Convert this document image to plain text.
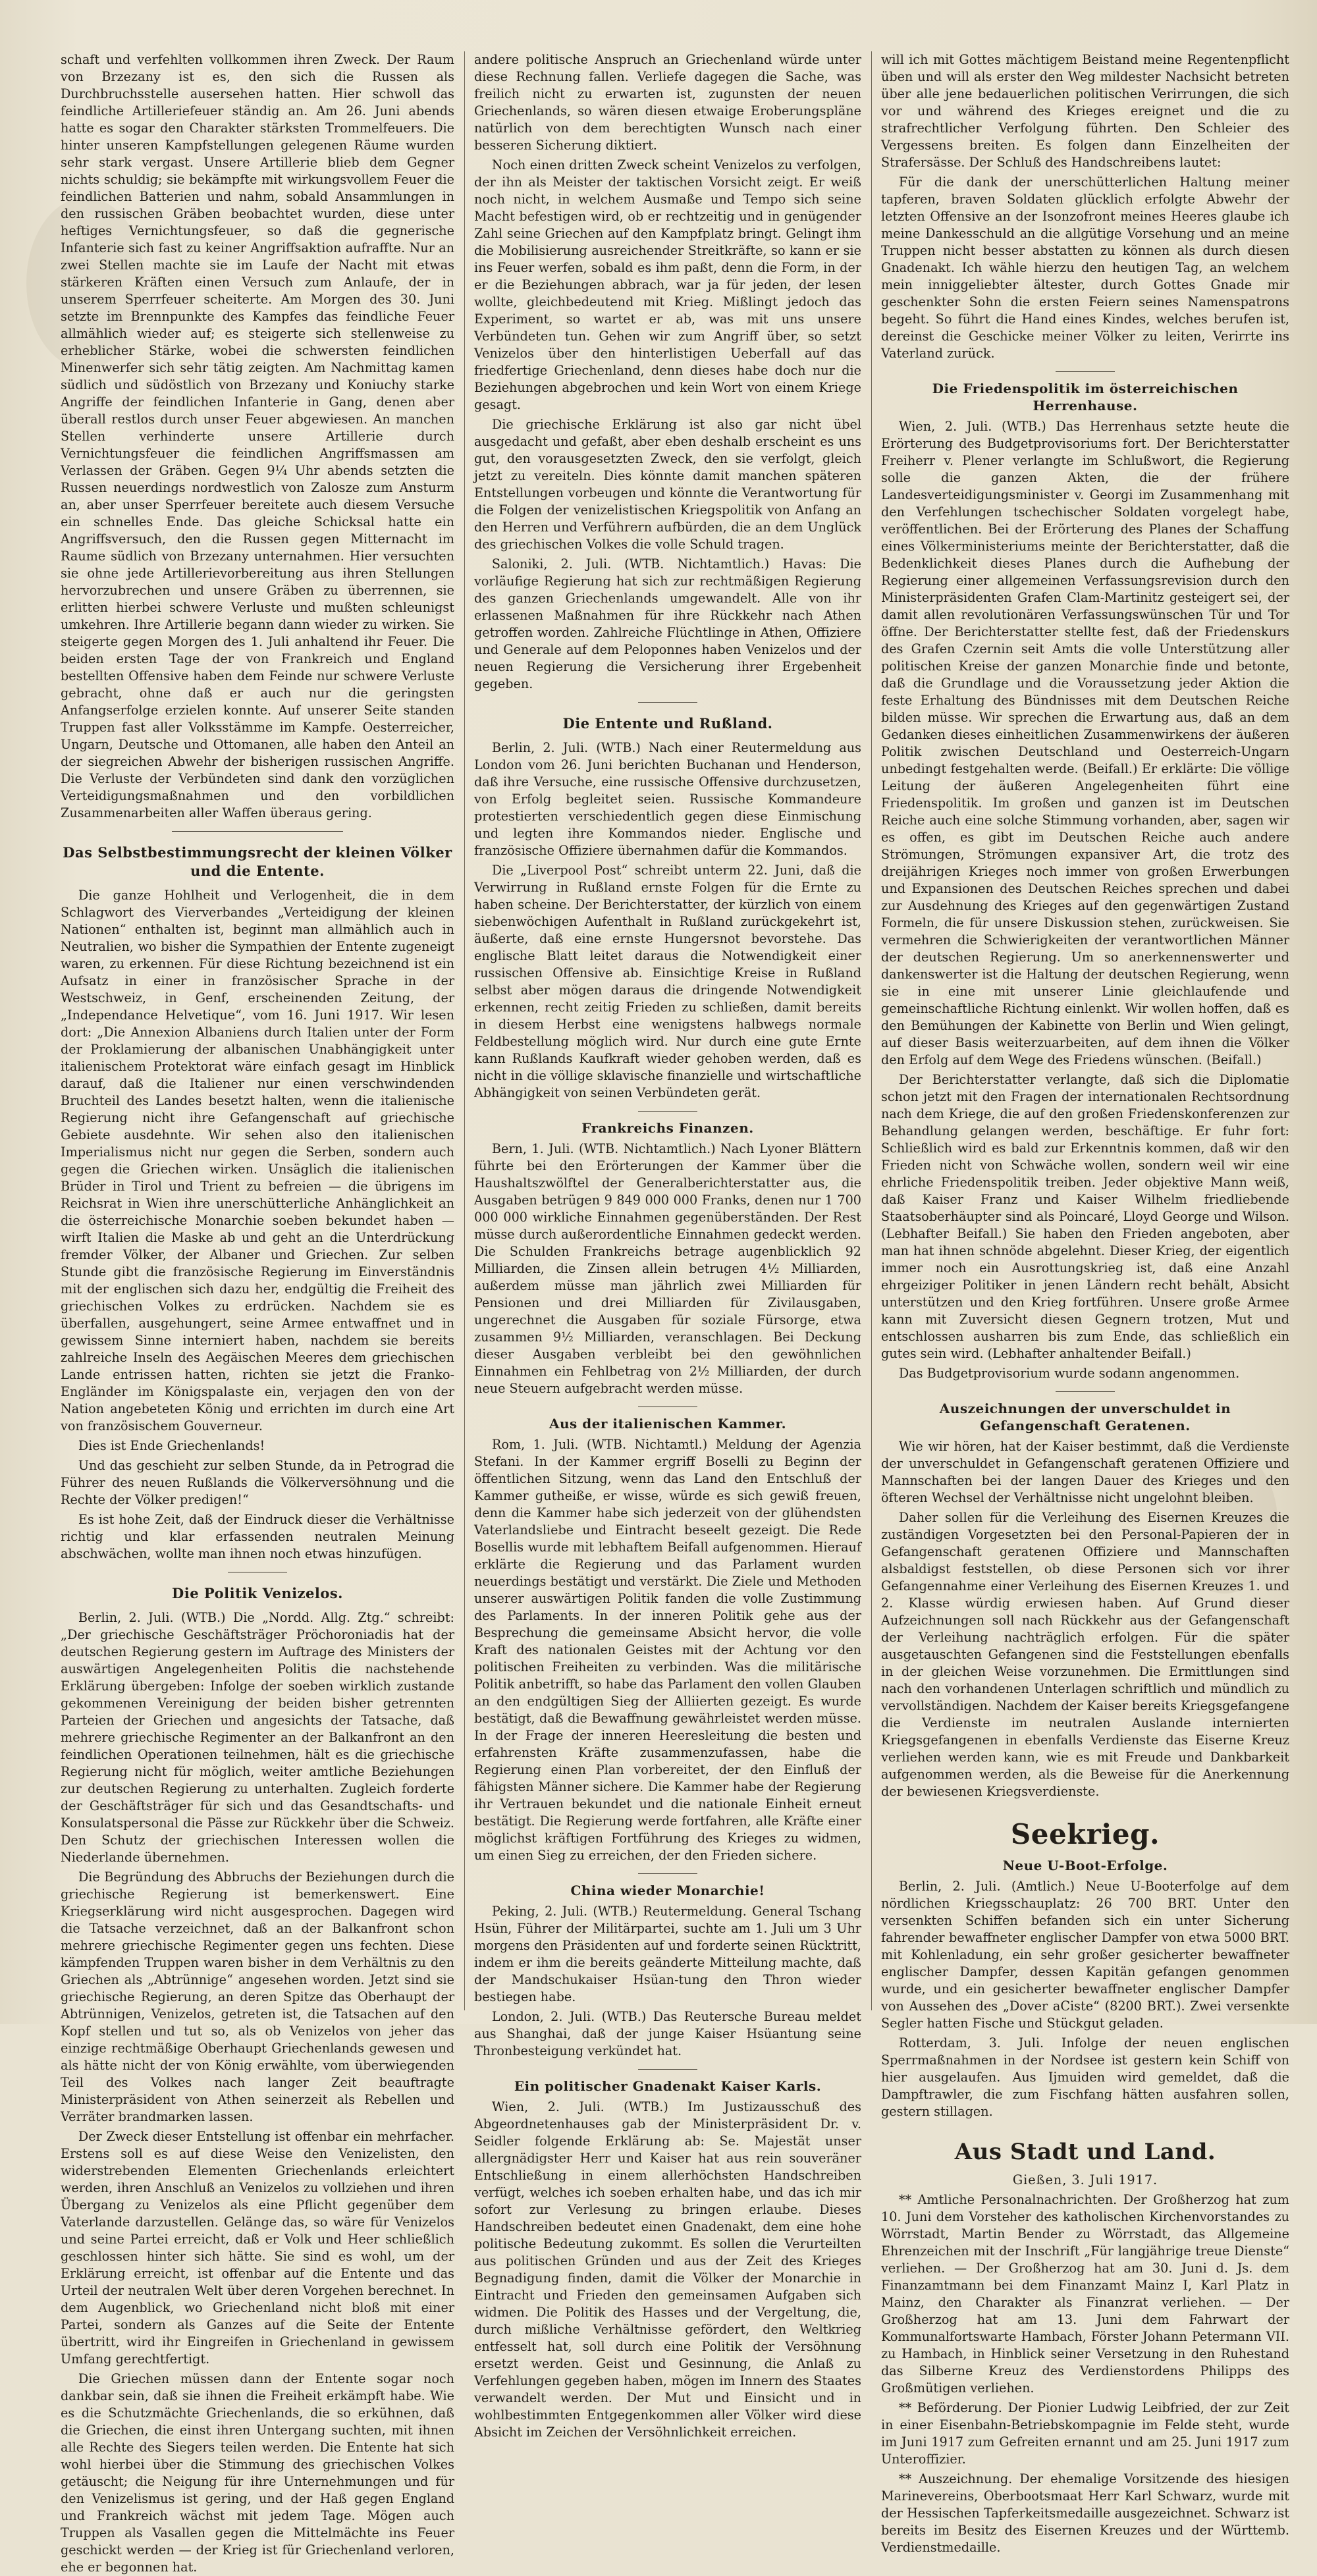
schaft und verfehlten vollkommen ihren Zweck. Der Raum von Brzezany ist es, den sich die Russen als Durchbruchsstelle ausersehen hatten. Hier schwoll das feindliche Artilleriefeuer ständig an. Am 26. Juni abends hatte es sogar den Charakter stärksten Trommelfeuers. Die hinter unseren Kampfstellungen gelegenen Räume wurden sehr stark vergast. Unsere Artillerie blieb dem Gegner nichts schuldig; sie bekämpfte mit wirkungsvollem Feuer die feindlichen Batterien und nahm, sobald Ansammlungen in den russischen Gräben beobachtet wurden, diese unter heftiges Vernichtungsfeuer, so daß die gegnerische Infanterie sich fast zu keiner Angriffsaktion aufraffte. Nur an zwei Stellen machte sie im Laufe der Nacht mit etwas stärkeren Kräften einen Versuch zum Anlaufe, der in unserem Sperrfeuer scheiterte. Am Morgen des 30. Juni setzte im Brennpunkte des Kampfes das feindliche Feuer allmählich wieder auf; es steigerte sich stellenweise zu erheblicher Stärke, wobei die schwersten feindlichen Minenwerfer sich sehr tätig zeigten. Am Nachmittag kamen südlich und südöstlich von Brzezany und Koniuchy starke Angriffe der feindlichen Infanterie in Gang, denen aber überall restlos durch unser Feuer abgewiesen. An manchen Stellen verhinderte unsere Artillerie durch Vernichtungsfeuer die feindlichen Angriffsmassen am Verlassen der Gräben. Gegen 9¼ Uhr abends setzten die Russen neuerdings nordwestlich von Zalosze zum Ansturm an, aber unser Sperrfeuer bereitete auch diesem Versuche ein schnelles Ende. Das gleiche Schicksal hatte ein Angriffsversuch, den die Russen gegen Mitternacht im Raume südlich von Brzezany unternahmen. Hier versuchten sie ohne jede Artillerievorbereitung aus ihren Stellungen hervorzubrechen und unsere Gräben zu überrennen, sie erlitten hierbei schwere Verluste und mußten schleunigst umkehren. Ihre Artillerie begann dann wieder zu wirken. Sie steigerte gegen Morgen des 1. Juli anhaltend ihr Feuer. Die beiden ersten Tage der von Frankreich und England bestellten Offensive haben dem Feinde nur schwere Verluste gebracht, ohne daß er auch nur die geringsten Anfangserfolge erzielen konnte. Auf unserer Seite standen Truppen fast aller Volksstämme im Kampfe. Oesterreicher, Ungarn, Deutsche und Ottomanen, alle haben den Anteil an der siegreichen Abwehr der bisherigen russischen Angriffe. Die Verluste der Verbündeten sind dank den vorzüglichen Verteidigungsmaßnahmen und den vorbildlichen Zusammenarbeiten aller Waffen überaus gering.

Das Selbstbestimmungsrecht der kleinen Völker und die Entente.

Die ganze Hohlheit und Verlogenheit, die in dem Schlagwort des Vierverbandes „Verteidigung der kleinen Nationen“ enthalten ist, beginnt man allmählich auch in Neutralien, wo bisher die Sympathien der Entente zugeneigt waren, zu erkennen. Für diese Richtung bezeichnend ist ein Aufsatz in einer in französischer Sprache in der Westschweiz, in Genf, erscheinenden Zeitung, der „Independance Helvetique“, vom 16. Juni 1917. Wir lesen dort: „Die Annexion Albaniens durch Italien unter der Form der Proklamierung der albanischen Unabhängigkeit unter italienischem Protektorat wäre einfach gesagt im Hinblick darauf, daß die Italiener nur einen verschwindenden Bruchteil des Landes besetzt halten, wenn die italienische Regierung nicht ihre Gefangenschaft auf griechische Gebiete ausdehnte. Wir sehen also den italienischen Imperialismus nicht nur gegen die Serben, sondern auch gegen die Griechen wirken. Unsäglich die italienischen Brüder in Tirol und Trient zu befreien — die übrigens im Reichsrat in Wien ihre unerschütterliche Anhänglichkeit an die österreichische Monarchie soeben bekundet haben — wirft Italien die Maske ab und geht an die Unterdrückung fremder Völker, der Albaner und Griechen. Zur selben Stunde gibt die französische Regierung im Einverständnis mit der englischen sich dazu her, endgültig die Freiheit des griechischen Volkes zu erdrücken. Nachdem sie es überfallen, ausgehungert, seine Armee entwaffnet und in gewissem Sinne interniert haben, nachdem sie bereits zahlreiche Inseln des Aegäischen Meeres dem griechischen Lande entrissen hatten, richten sie jetzt die Franko-Engländer im Königspalaste ein, verjagen den von der Nation angebeteten König und errichten im durch eine Art von französischem Gouverneur.

Dies ist Ende Griechenlands!

Und das geschieht zur selben Stunde, da in Petrograd die Führer des neuen Rußlands die Völkerversöhnung und die Rechte der Völker predigen!“

Es ist hohe Zeit, daß der Eindruck dieser die Verhältnisse richtig und klar erfassenden neutralen Meinung abschwächen, wollte man ihnen noch etwas hinzufügen.

Die Politik Venizelos.

Berlin, 2. Juli. (WTB.) Die „Nordd. Allg. Ztg.“ schreibt: „Der griechische Geschäftsträger Pröchoroniadis hat der deutschen Regierung gestern im Auftrage des Ministers der auswärtigen Angelegenheiten Politis die nachstehende Erklärung übergeben: Infolge der soeben wirklich zustande gekommenen Vereinigung der beiden bisher getrennten Parteien der Griechen und angesichts der Tatsache, daß mehrere griechische Regimenter an der Balkanfront an den feindlichen Operationen teilnehmen, hält es die griechische Regierung nicht für möglich, weiter amtliche Beziehungen zur deutschen Regierung zu unterhalten. Zugleich forderte der Geschäftsträger für sich und das Gesandtschafts- und Konsulatspersonal die Pässe zur Rückkehr über die Schweiz. Den Schutz der griechischen Interessen wollen die Niederlande übernehmen.

Die Begründung des Abbruchs der Beziehungen durch die griechische Regierung ist bemerkenswert. Eine Kriegserklärung wird nicht ausgesprochen. Dagegen wird die Tatsache verzeichnet, daß an der Balkanfront schon mehrere griechische Regimenter gegen uns fechten. Diese kämpfenden Truppen waren bisher in dem Verhältnis zu den Griechen als „Abtrünnige“ angesehen worden. Jetzt sind sie griechische Regierung, an deren Spitze das Oberhaupt der Abtrünnigen, Venizelos, getreten ist, die Tatsachen auf den Kopf stellen und tut so, als ob Venizelos von jeher das einzige rechtmäßige Oberhaupt Griechenlands gewesen und als hätte nicht der von König erwählte, vom überwiegenden Teil des Volkes nach langer Zeit beauftragte Ministerpräsident von Athen seinerzeit als Rebellen und Verräter brandmarken lassen.

Der Zweck dieser Entstellung ist offenbar ein mehrfacher. Erstens soll es auf diese Weise den Venizelisten, den widerstrebenden Elementen Griechenlands erleichtert werden, ihren Anschluß an Venizelos zu vollziehen und ihren Übergang zu Venizelos als eine Pflicht gegenüber dem Vaterlande darzustellen. Gelänge das, so wäre für Venizelos und seine Partei erreicht, daß er Volk und Heer schließlich geschlossen hinter sich hätte. Sie sind es wohl, um der Erklärung erreicht, ist offenbar auf die Entente und das Urteil der neutralen Welt über deren Vorgehen berechnet. In dem Augenblick, wo Griechenland nicht bloß mit einer Partei, sondern als Ganzes auf die Seite der Entente übertritt, wird ihr Eingreifen in Griechenland in gewissem Umfang gerechtfertigt.

Die Griechen müssen dann der Entente sogar noch dankbar sein, daß sie ihnen die Freiheit erkämpft habe. Wie es die Schutzmächte Griechenlands, die so erkühnen, daß die Griechen, die einst ihren Untergang suchten, mit ihnen alle Rechte des Siegers teilen werden. Die Entente hat sich wohl hierbei über die Stimmung des griechischen Volkes getäuscht; die Neigung für ihre Unternehmungen und für den Venizelismus ist gering, und der Haß gegen England und Frankreich wächst mit jedem Tage. Mögen auch Truppen als Vasallen gegen die Mittelmächte ins Feuer geschickt werden — der Krieg ist für Griechenland verloren, ehe er begonnen hat.

andere politische Anspruch an Griechenland würde unter diese Rechnung fallen. Verliefe dagegen die Sache, was freilich nicht zu erwarten ist, zugunsten der neuen Griechenlands, so wären diesen etwaige Eroberungspläne natürlich von dem berechtigten Wunsch nach einer besseren Sicherung diktiert.

Noch einen dritten Zweck scheint Venizelos zu verfolgen, der ihn als Meister der taktischen Vorsicht zeigt. Er weiß noch nicht, in welchem Ausmaße und Tempo sich seine Macht befestigen wird, ob er rechtzeitig und in genügender Zahl seine Griechen auf den Kampfplatz bringt. Gelingt ihm die Mobilisierung ausreichender Streitkräfte, so kann er sie ins Feuer werfen, sobald es ihm paßt, denn die Form, in der er die Beziehungen abbrach, war ja für jeden, der lesen wollte, gleichbedeutend mit Krieg. Mißlingt jedoch das Experiment, so wartet er ab, was mit uns unsere Verbündeten tun. Gehen wir zum Angriff über, so setzt Venizelos über den hinterlistigen Ueberfall auf das friedfertige Griechenland, denn dieses habe doch nur die Beziehungen abgebrochen und kein Wort von einem Kriege gesagt.

Die griechische Erklärung ist also gar nicht übel ausgedacht und gefaßt, aber eben deshalb erscheint es uns gut, den vorausgesetzten Zweck, den sie verfolgt, gleich jetzt zu vereiteln. Dies könnte damit manchen späteren Entstellungen vorbeugen und könnte die Verantwortung für die Folgen der venizelistischen Kriegspolitik von Anfang an den Herren und Verführern aufbürden, die an dem Unglück des griechischen Volkes die volle Schuld tragen.

Saloniki, 2. Juli. (WTB. Nichtamtlich.) Havas: Die vorläufige Regierung hat sich zur rechtmäßigen Regierung des ganzen Griechenlands umgewandelt. Alle von ihr erlassenen Maßnahmen für ihre Rückkehr nach Athen getroffen worden. Zahlreiche Flüchtlinge in Athen, Offiziere und Generale auf dem Peloponnes haben Venizelos und der neuen Regierung die Versicherung ihrer Ergebenheit gegeben.

Die Entente und Rußland.

Berlin, 2. Juli. (WTB.) Nach einer Reutermeldung aus London vom 26. Juni berichten Buchanan und Henderson, daß ihre Versuche, eine russische Offensive durchzusetzen, von Erfolg begleitet seien. Russische Kommandeure protestierten verschiedentlich gegen diese Einmischung und legten ihre Kommandos nieder. Englische und französische Offiziere übernahmen dafür die Kommandos.

Die „Liverpool Post“ schreibt unterm 22. Juni, daß die Verwirrung in Rußland ernste Folgen für die Ernte zu haben scheine. Der Berichterstatter, der kürzlich von einem siebenwöchigen Aufenthalt in Rußland zurückgekehrt ist, äußerte, daß eine ernste Hungersnot bevorstehe. Das englische Blatt leitet daraus die Notwendigkeit einer russischen Offensive ab. Einsichtige Kreise in Rußland selbst aber mögen daraus die dringende Notwendigkeit erkennen, recht zeitig Frieden zu schließen, damit bereits in diesem Herbst eine wenigstens halbwegs normale Feldbestellung möglich wird. Nur durch eine gute Ernte kann Rußlands Kaufkraft wieder gehoben werden, daß es nicht in die völlige sklavische finanzielle und wirtschaftliche Abhängigkeit von seinen Verbündeten gerät.

Frankreichs Finanzen.

Bern, 1. Juli. (WTB. Nichtamtlich.) Nach Lyoner Blättern führte bei den Erörterungen der Kammer über die Haushaltszwölftel der Generalberichterstatter aus, die Ausgaben betrügen 9 849 000 000 Franks, denen nur 1 700 000 000 wirkliche Einnahmen gegenüberständen. Der Rest müsse durch außerordentliche Einnahmen gedeckt werden. Die Schulden Frankreichs betrage augenblicklich 92 Milliarden, die Zinsen allein betrugen 4½ Milliarden, außerdem müsse man jährlich zwei Milliarden für Pensionen und drei Milliarden für Zivilausgaben, ungerechnet die Ausgaben für soziale Fürsorge, etwa zusammen 9½ Milliarden, veranschlagen. Bei Deckung dieser Ausgaben verbleibt bei den gewöhnlichen Einnahmen ein Fehlbetrag von 2½ Milliarden, der durch neue Steuern aufgebracht werden müsse.

Aus der italienischen Kammer.

Rom, 1. Juli. (WTB. Nichtamtl.) Meldung der Agenzia Stefani. In der Kammer ergriff Boselli zu Beginn der öffentlichen Sitzung, wenn das Land den Entschluß der Kammer gutheiße, er wisse, würde es sich gewiß freuen, denn die Kammer habe sich jederzeit von der glühendsten Vaterlandsliebe und Eintracht beseelt gezeigt. Die Rede Bosellis wurde mit lebhaftem Beifall aufgenommen. Hierauf erklärte die Regierung und das Parlament wurden neuerdings bestätigt und verstärkt. Die Ziele und Methoden unserer auswärtigen Politik fanden die volle Zustimmung des Parlaments. In der inneren Politik gehe aus der Besprechung die gemeinsame Absicht hervor, die volle Kraft des nationalen Geistes mit der Achtung vor den politischen Freiheiten zu verbinden. Was die militärische Politik anbetrifft, so habe das Parlament den vollen Glauben an den endgültigen Sieg der Alliierten gezeigt. Es wurde bestätigt, daß die Bewaffnung gewährleistet werden müsse. In der Frage der inneren Heeresleitung die besten und erfahrensten Kräfte zusammenzufassen, habe die Regierung einen Plan vorbereitet, der den Einfluß der fähigsten Männer sichere. Die Kammer habe der Regierung ihr Vertrauen bekundet und die nationale Einheit erneut bestätigt. Die Regierung werde fortfahren, alle Kräfte einer möglichst kräftigen Fortführung des Krieges zu widmen, um einen Sieg zu erreichen, der den Frieden sichere.

China wieder Monarchie!

Peking, 2. Juli. (WTB.) Reutermeldung. General Tschang Hsün, Führer der Militärpartei, suchte am 1. Juli um 3 Uhr morgens den Präsidenten auf und forderte seinen Rücktritt, indem er ihm die bereits geänderte Mitteilung machte, daß der Mandschukaiser Hsüan-tung den Thron wieder bestiegen habe.

London, 2. Juli. (WTB.) Das Reutersche Bureau meldet aus Shanghai, daß der junge Kaiser Hsüantung seine Thronbesteigung verkündet hat.

Ein politischer Gnadenakt Kaiser Karls.

Wien, 2. Juli. (WTB.) Im Justizausschuß des Abgeordnetenhauses gab der Ministerpräsident Dr. v. Seidler folgende Erklärung ab: Se. Majestät unser allergnädigster Herr und Kaiser hat aus rein souveräner Entschließung in einem allerhöchsten Handschreiben verfügt, welches ich soeben erhalten habe, und das ich mir sofort zur Verlesung zu bringen erlaube. Dieses Handschreiben bedeutet einen Gnadenakt, dem eine hohe politische Bedeutung zukommt. Es sollen die Verurteilten aus politischen Gründen und aus der Zeit des Krieges Begnadigung finden, damit die Völker der Monarchie in Eintracht und Frieden den gemeinsamen Aufgaben sich widmen. Die Politik des Hasses und der Vergeltung, die, durch mißliche Verhältnisse gefördert, den Weltkrieg entfesselt hat, soll durch eine Politik der Versöhnung ersetzt werden. Geist und Gesinnung, die Anlaß zu Verfehlungen gegeben haben, mögen im Innern des Staates verwandelt werden. Der Mut und Einsicht und in wohlbestimmten Entgegenkommen aller Völker wird diese Absicht im Zeichen der Versöhnlichkeit erreichen.

will ich mit Gottes mächtigem Beistand meine Regentenpflicht üben und will als erster den Weg mildester Nachsicht betreten über alle jene bedauerlichen politischen Verirrungen, die sich vor und während des Krieges ereignet und die zu strafrechtlicher Verfolgung führten. Den Schleier des Vergessens breiten. Es folgen dann Einzelheiten der Strafersässe. Der Schluß des Handschreibens lautet:

Für die dank der unerschütterlichen Haltung meiner tapferen, braven Soldaten glücklich erfolgte Abwehr der letzten Offensive an der Isonzofront meines Heeres glaube ich meine Dankesschuld an die allgütige Vorsehung und an meine Truppen nicht besser abstatten zu können als durch diesen Gnadenakt. Ich wähle hierzu den heutigen Tag, an welchem mein inniggeliebter ältester, durch Gottes Gnade mir geschenkter Sohn die ersten Feiern seines Namenspatrons begeht. So führt die Hand eines Kindes, welches berufen ist, dereinst die Geschicke meiner Völker zu leiten, Verirrte ins Vaterland zurück.

Die Friedenspolitik im österreichischen Herrenhause.

Wien, 2. Juli. (WTB.) Das Herrenhaus setzte heute die Erörterung des Budgetprovisoriums fort. Der Berichterstatter Freiherr v. Plener verlangte im Schlußwort, die Regierung solle die ganzen Akten, die der frühere Landesverteidigungsminister v. Georgi im Zusammenhang mit den Verfehlungen tschechischer Soldaten vorgelegt habe, veröffentlichen. Bei der Erörterung des Planes der Schaffung eines Völkerministeriums meinte der Berichterstatter, daß die Bedenklichkeit dieses Planes durch die Aufhebung der Regierung einer allgemeinen Verfassungsrevision durch den Ministerpräsidenten Grafen Clam-Martinitz gesteigert sei, der damit allen revolutionären Verfassungswünschen Tür und Tor öffne. Der Berichterstatter stellte fest, daß der Friedenskurs des Grafen Czernin seit Amts die volle Unterstützung aller politischen Kreise der ganzen Monarchie finde und betonte, daß die Grundlage und die Voraussetzung jeder Aktion die feste Erhaltung des Bündnisses mit dem Deutschen Reiche bilden müsse. Wir sprechen die Erwartung aus, daß an dem Gedanken dieses einheitlichen Zusammenwirkens der äußeren Politik zwischen Deutschland und Oesterreich-Ungarn unbedingt festgehalten werde. (Beifall.) Er erklärte: Die völlige Leitung der äußeren Angelegenheiten führt eine Friedenspolitik. Im großen und ganzen ist im Deutschen Reiche auch eine solche Stimmung vorhanden, aber, sagen wir es offen, es gibt im Deutschen Reiche auch andere Strömungen, Strömungen expansiver Art, die trotz des dreijährigen Krieges noch immer von großen Erwerbungen und Expansionen des Deutschen Reiches sprechen und dabei zur Ausdehnung des Krieges auf den gegenwärtigen Zustand Formeln, die für unsere Diskussion stehen, zurückweisen. Sie vermehren die Schwierigkeiten der verantwortlichen Männer der deutschen Regierung. Um so anerkennenswerter und dankenswerter ist die Haltung der deutschen Regierung, wenn sie in eine mit unserer Linie gleichlaufende und gemeinschaftliche Richtung einlenkt. Wir wollen hoffen, daß es den Bemühungen der Kabinette von Berlin und Wien gelingt, auf dieser Basis weiterzuarbeiten, auf dem ihnen die Völker den Erfolg auf dem Wege des Friedens wünschen. (Beifall.)

Der Berichterstatter verlangte, daß sich die Diplomatie schon jetzt mit den Fragen der internationalen Rechtsordnung nach dem Kriege, die auf den großen Friedenskonferenzen zur Behandlung gelangen werden, beschäftige. Er fuhr fort: Schließlich wird es bald zur Erkenntnis kommen, daß wir den Frieden nicht von Schwäche wollen, sondern weil wir eine ehrliche Friedenspolitik treiben. Jeder objektive Mann weiß, daß Kaiser Franz und Kaiser Wilhelm friedliebende Staatsoberhäupter sind als Poincaré, Lloyd George und Wilson. (Lebhafter Beifall.) Sie haben den Frieden angeboten, aber man hat ihnen schnöde abgelehnt. Dieser Krieg, der eigentlich immer noch ein Ausrottungskrieg ist, daß eine Anzahl ehrgeiziger Politiker in jenen Ländern recht behält, Absicht unterstützen und den Krieg fortführen. Unsere große Armee kann mit Zuversicht diesen Gegnern trotzen, Mut und entschlossen ausharren bis zum Ende, das schließlich ein gutes sein wird. (Lebhafter anhaltender Beifall.)

Das Budgetprovisorium wurde sodann angenommen.

Auszeichnungen der unverschuldet in Gefangenschaft Geratenen.

Wie wir hören, hat der Kaiser bestimmt, daß die Verdienste der unverschuldet in Gefangenschaft geratenen Offiziere und Mannschaften bei der langen Dauer des Krieges und den öfteren Wechsel der Verhältnisse nicht ungelohnt bleiben.

Daher sollen für die Verleihung des Eisernen Kreuzes die zuständigen Vorgesetzten bei den Personal-Papieren der in Gefangenschaft geratenen Offiziere und Mannschaften alsbaldigst feststellen, ob diese Personen sich vor ihrer Gefangennahme einer Verleihung des Eisernen Kreuzes 1. und 2. Klasse würdig erwiesen haben. Auf Grund dieser Aufzeichnungen soll nach Rückkehr aus der Gefangenschaft der Verleihung nachträglich erfolgen. Für die später ausgetauschten Gefangenen sind die Feststellungen ebenfalls in der gleichen Weise vorzunehmen. Die Ermittlungen sind nach den vorhandenen Unterlagen schriftlich und mündlich zu vervollständigen. Nachdem der Kaiser bereits Kriegsgefangene die Verdienste im neutralen Auslande internierten Kriegsgefangenen in ebenfalls Verdienste das Eiserne Kreuz verliehen werden kann, wie es mit Freude und Dankbarkeit aufgenommen werden, als die Beweise für die Anerkennung der bewiesenen Kriegsverdienste.

Seekrieg.
Neue U-Boot-Erfolge.

Berlin, 2. Juli. (Amtlich.) Neue U-Booterfolge auf dem nördlichen Kriegsschauplatz: 26 700 BRT. Unter den versenkten Schiffen befanden sich ein unter Sicherung fahrender bewaffneter englischer Dampfer von etwa 5000 BRT. mit Kohlenladung, ein sehr großer gesicherter bewaffneter englischer Dampfer, dessen Kapitän gefangen genommen wurde, und ein gesicherter bewaffneter englischer Dampfer von Aussehen des „Dover aCiste“ (8200 BRT.). Zwei versenkte Segler hatten Fische und Stückgut geladen.

Rotterdam, 3. Juli. Infolge der neuen englischen Sperrmaßnahmen in der Nordsee ist gestern kein Schiff von hier ausgelaufen. Aus Ijmuiden wird gemeldet, daß die Dampftrawler, die zum Fischfang hätten ausfahren sollen, gestern stillagen.

Aus Stadt und Land.
Gießen, 3. Juli 1917.

** Amtliche Personalnachrichten. Der Großherzog hat zum 10. Juni dem Vorsteher des katholischen Kirchenvorstandes zu Wörrstadt, Martin Bender zu Wörrstadt, das Allgemeine Ehrenzeichen mit der Inschrift „Für langjährige treue Dienste“ verliehen. — Der Großherzog hat am 30. Juni d. Js. dem Finanzamtmann bei dem Finanzamt Mainz I, Karl Platz in Mainz, den Charakter als Finanzrat verliehen. — Der Großherzog hat am 13. Juni dem Fahrwart der Kommunalfortswarte Hambach, Förster Johann Petermann VII. zu Hambach, in Hinblick seiner Versetzung in den Ruhestand das Silberne Kreuz des Verdienstordens Philipps des Großmütigen verliehen.

** Beförderung. Der Pionier Ludwig Leibfried, der zur Zeit in einer Eisenbahn-Betriebskompagnie im Felde steht, wurde im Juni 1917 zum Gefreiten ernannt und am 25. Juni 1917 zum Unteroffizier.

** Auszeichnung. Der ehemalige Vorsitzende des hiesigen Marinevereins, Oberbootsmaat Herr Karl Schwarz, wurde mit der Hessischen Tapferkeitsmedaille ausgezeichnet. Schwarz ist bereits im Besitz des Eisernen Kreuzes und der Württemb. Verdienstmedaille.
